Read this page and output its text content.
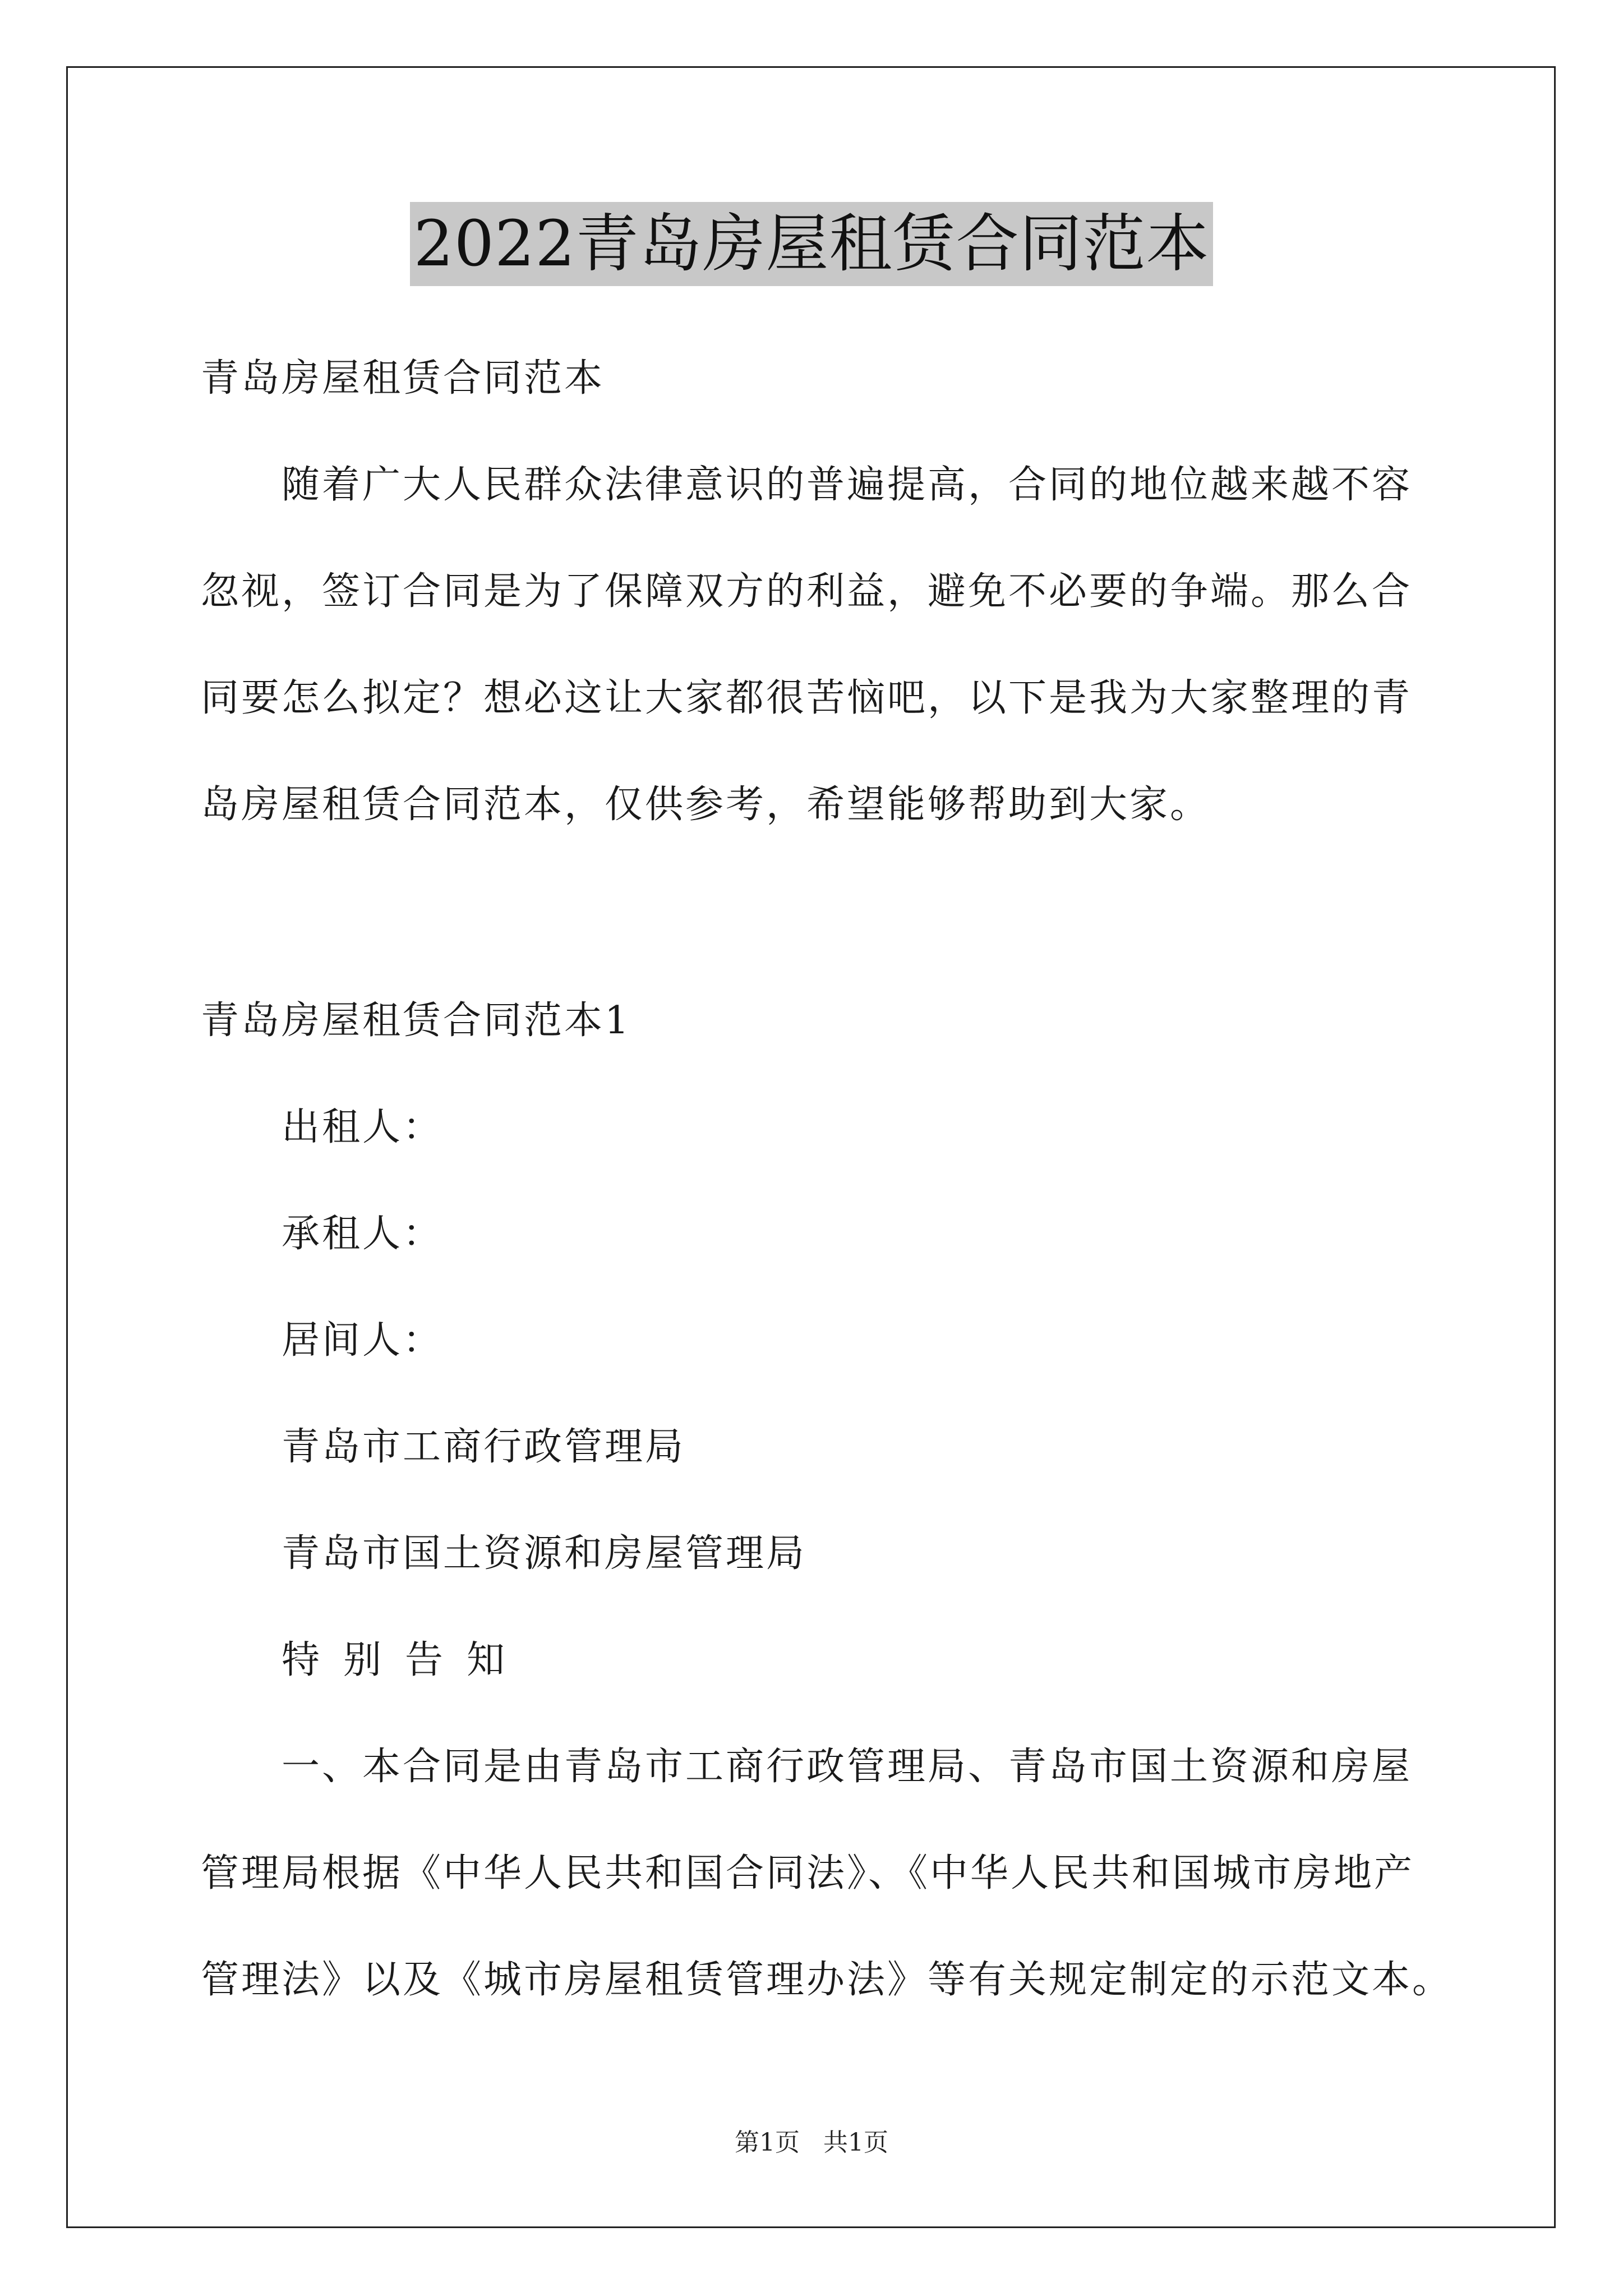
2022青岛房屋租赁合同范本
青岛房屋租赁合同范本
随着广大人民群众法律意识的普遍提高，合同的地位越来越不容
忽视，签订合同是为了保障双方的利益，避免不必要的争端。那么合
同要怎么拟定？想必这让大家都很苦恼吧，以下是我为大家整理的青
岛房屋租赁合同范本，仅供参考，希望能够帮助到大家。
青岛房屋租赁合同范本1
出租人：
承租人：
居间人：
青岛市工商行政管理局
青岛市国土资源和房屋管理局
特别告知
一、本合同是由青岛市工商行政管理局、青岛市国土资源和房屋
管理局根据《中华人民共和国合同法》、《中华人民共和国城市房地产
管理法》以及《城市房屋租赁管理办法》等有关规定制定的示范文本。
第1页 共1页
